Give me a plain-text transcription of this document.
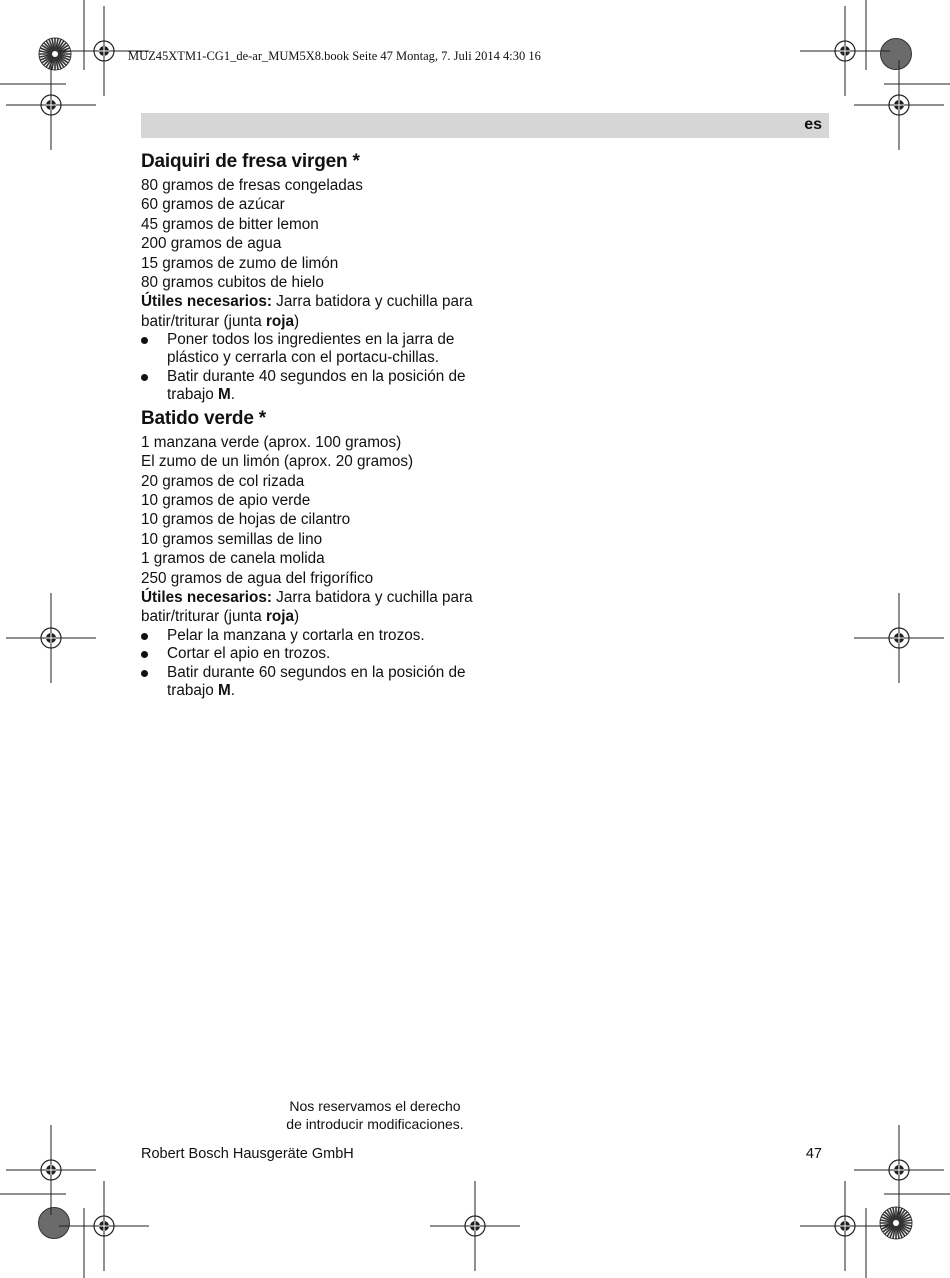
MUZ45XTM1-CG1_de-ar_MUM5X8.book Seite 47 Montag, 7. Juli 2014 4:30 16
es
Daiquiri de fresa virgen *
80 gramos de fresas congeladas
60 gramos de azúcar
45 gramos de bitter lemon
200 gramos de agua
15 gramos de zumo de limón
80 gramos cubitos de hielo

Útiles necesarios: Jarra batidora y cuchilla para batir/triturar (junta roja)

Poner todos los ingredientes en la jarra de plástico y cerrarla con el portacu-chillas.
Batir durante 40 segundos en la posición de trabajo M.
Batido verde *
1 manzana verde (aprox. 100 gramos)
El zumo de un limón (aprox. 20 gramos)
20 gramos de col rizada
10 gramos de apio verde
10 gramos de hojas de cilantro
10 gramos semillas de lino
1 gramos de canela molida
250 gramos de agua del frigorífico

Útiles necesarios: Jarra batidora y cuchilla para batir/triturar (junta roja)

Pelar la manzana y cortarla en trozos.
Cortar el apio en trozos.
Batir durante 60 segundos en la posición de trabajo M.
Nos reservamos el derecho
de introducir modificaciones.
Robert Bosch Hausgeräte GmbH	47
